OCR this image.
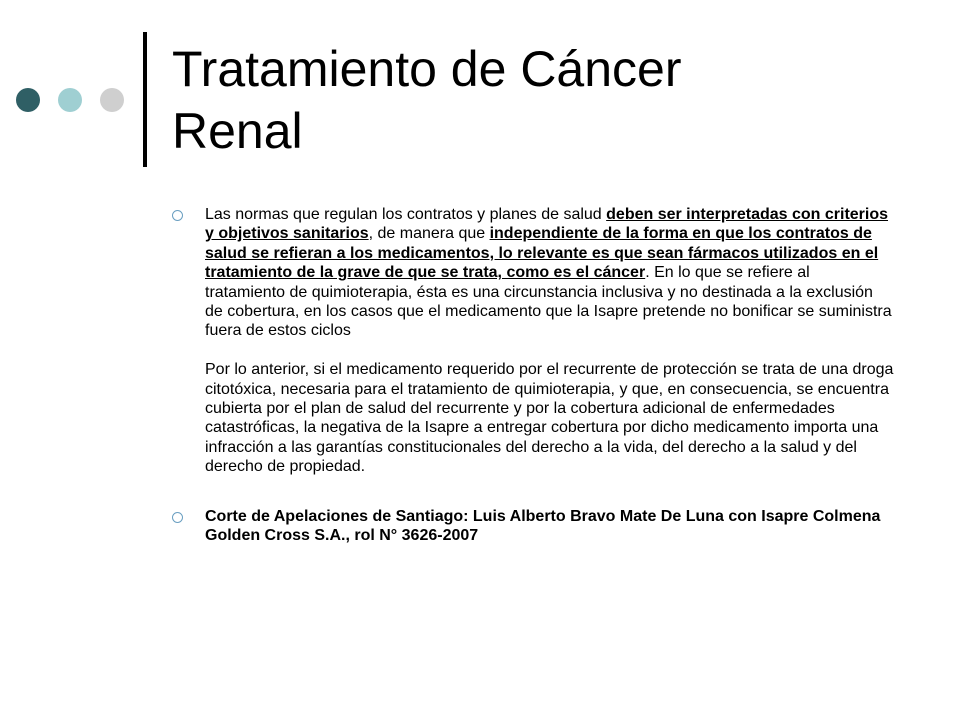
Tratamiento de Cáncer
Renal
Las normas que regulan los contratos y planes de salud deben ser interpretadas con criterios y objetivos sanitarios, de manera que independiente de la forma en que los contratos de salud se refieran a los medicamentos, lo relevante es que sean fármacos utilizados en el tratamiento de la grave de que se trata, como es el cáncer. En lo que se refiere al tratamiento de quimioterapia, ésta es una circunstancia inclusiva y no destinada a la exclusión de cobertura, en los casos que el medicamento que la Isapre pretende no bonificar se suministra fuera de estos ciclos
Por lo anterior, si el medicamento requerido por el recurrente de protección se trata de una droga citotóxica, necesaria para el tratamiento de quimioterapia, y que, en consecuencia, se encuentra cubierta por el plan de salud del recurrente y por la cobertura adicional de enfermedades catastróficas, la negativa de la Isapre a entregar cobertura por dicho medicamento importa una infracción a las garantías constitucionales del derecho a la vida, del derecho a la salud y del derecho de propiedad.
Corte de Apelaciones de Santiago: Luis Alberto Bravo Mate De Luna con Isapre Colmena Golden Cross S.A., rol N° 3626-2007
